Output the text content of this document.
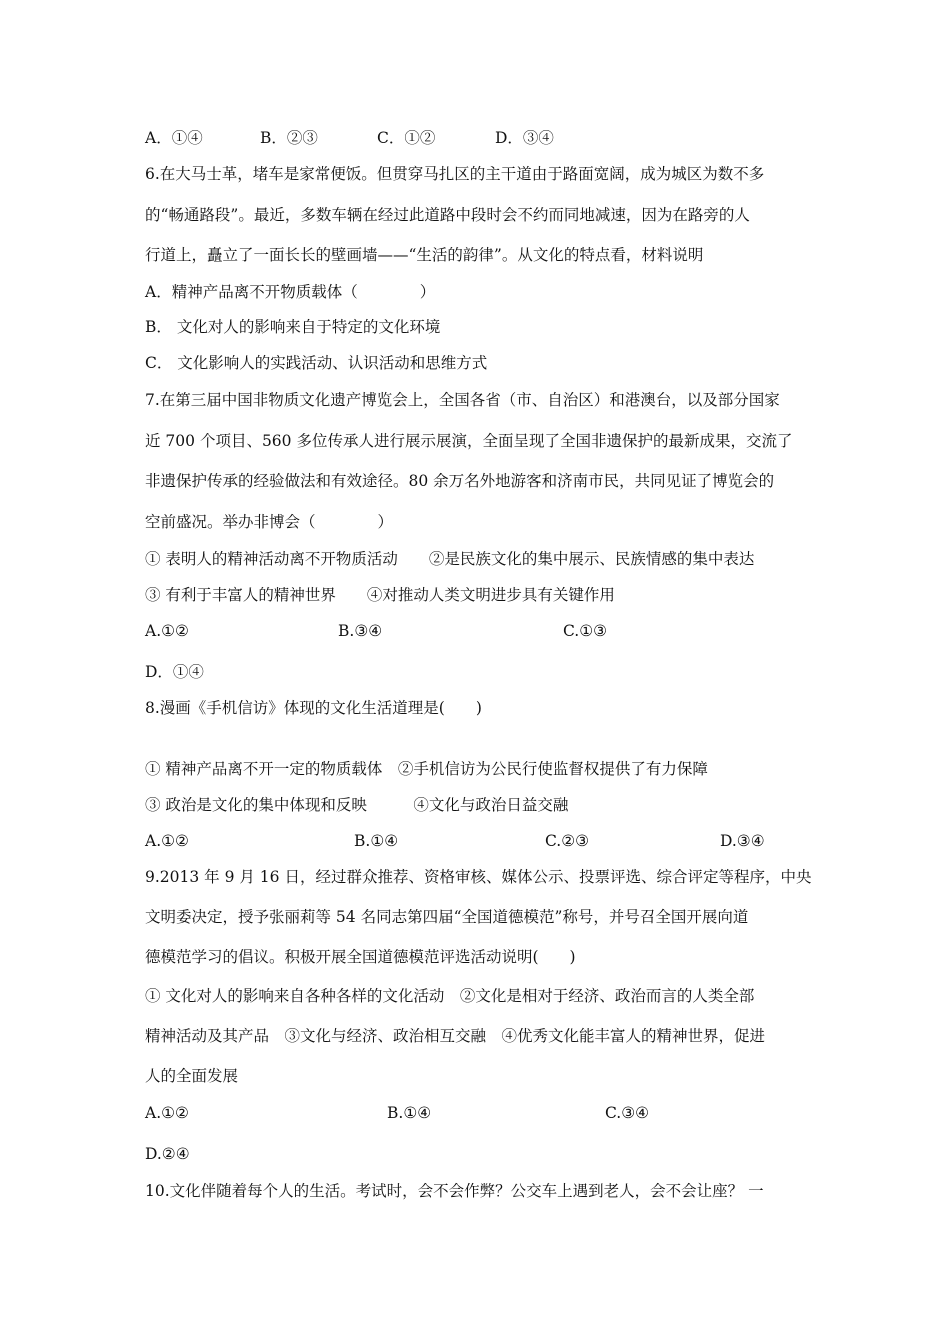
A．①④	B．②③	C．①②	D．③④
6.在大马士革，堵车是家常便饭。但贯穿马扎区的主干道由于路面宽阔，成为城区为数不多
的“畅通路段”。最近，多数车辆在经过此道路中段时会不约而同地减速，因为在路旁的人
行道上，矗立了一面长长的壁画墙——“生活的韵律”。从文化的特点看，材料说明
A．精神产品离不开物质载体（　　　　）
B． 文化对人的影响来自于特定的文化环境
C． 文化影响人的实践活动、认识活动和思维方式
7.在第三届中国非物质文化遗产博览会上，全国各省（市、自治区）和港澳台，以及部分国家
近 700 个项目、560 多位传承人进行展示展演，全面呈现了全国非遗保护的最新成果，交流了
非遗保护传承的经验做法和有效途径。80 余万名外地游客和济南市民，共同见证了博览会的
空前盛况。举办非博会（　　　　）
① 表明人的精神活动离不开物质活动　　②是民族文化的集中展示、民族情感的集中表达
③ 有利于丰富人的精神世界　　④对推动人类文明进步具有关键作用
A.①②	B.③④	C.①③
D．①④
8.漫画《手机信访》体现的文化生活道理是(　　)
① 精神产品离不开一定的物质载体　②手机信访为公民行使监督权提供了有力保障
③ 政治是文化的集中体现和反映　　　④文化与政治日益交融
A.①②	B.①④	C.②③	D.③④
9.2013 年 9 月 16 日，经过群众推荐、资格审核、媒体公示、投票评选、综合评定等程序，中央
文明委决定，授予张丽莉等 54 名同志第四届“全国道德模范”称号，并号召全国开展向道
德模范学习的倡议。积极开展全国道德模范评选活动说明(　　)
① 文化对人的影响来自各种各样的文化活动　②文化是相对于经济、政治而言的人类全部
精神活动及其产品　③文化与经济、政治相互交融　④优秀文化能丰富人的精神世界，促进
人的全面发展
A.①②	B.①④	C.③④
D.②④
10.文化伴随着每个人的生活。考试时，会不会作弊？公交车上遇到老人，会不会让座？ 一
